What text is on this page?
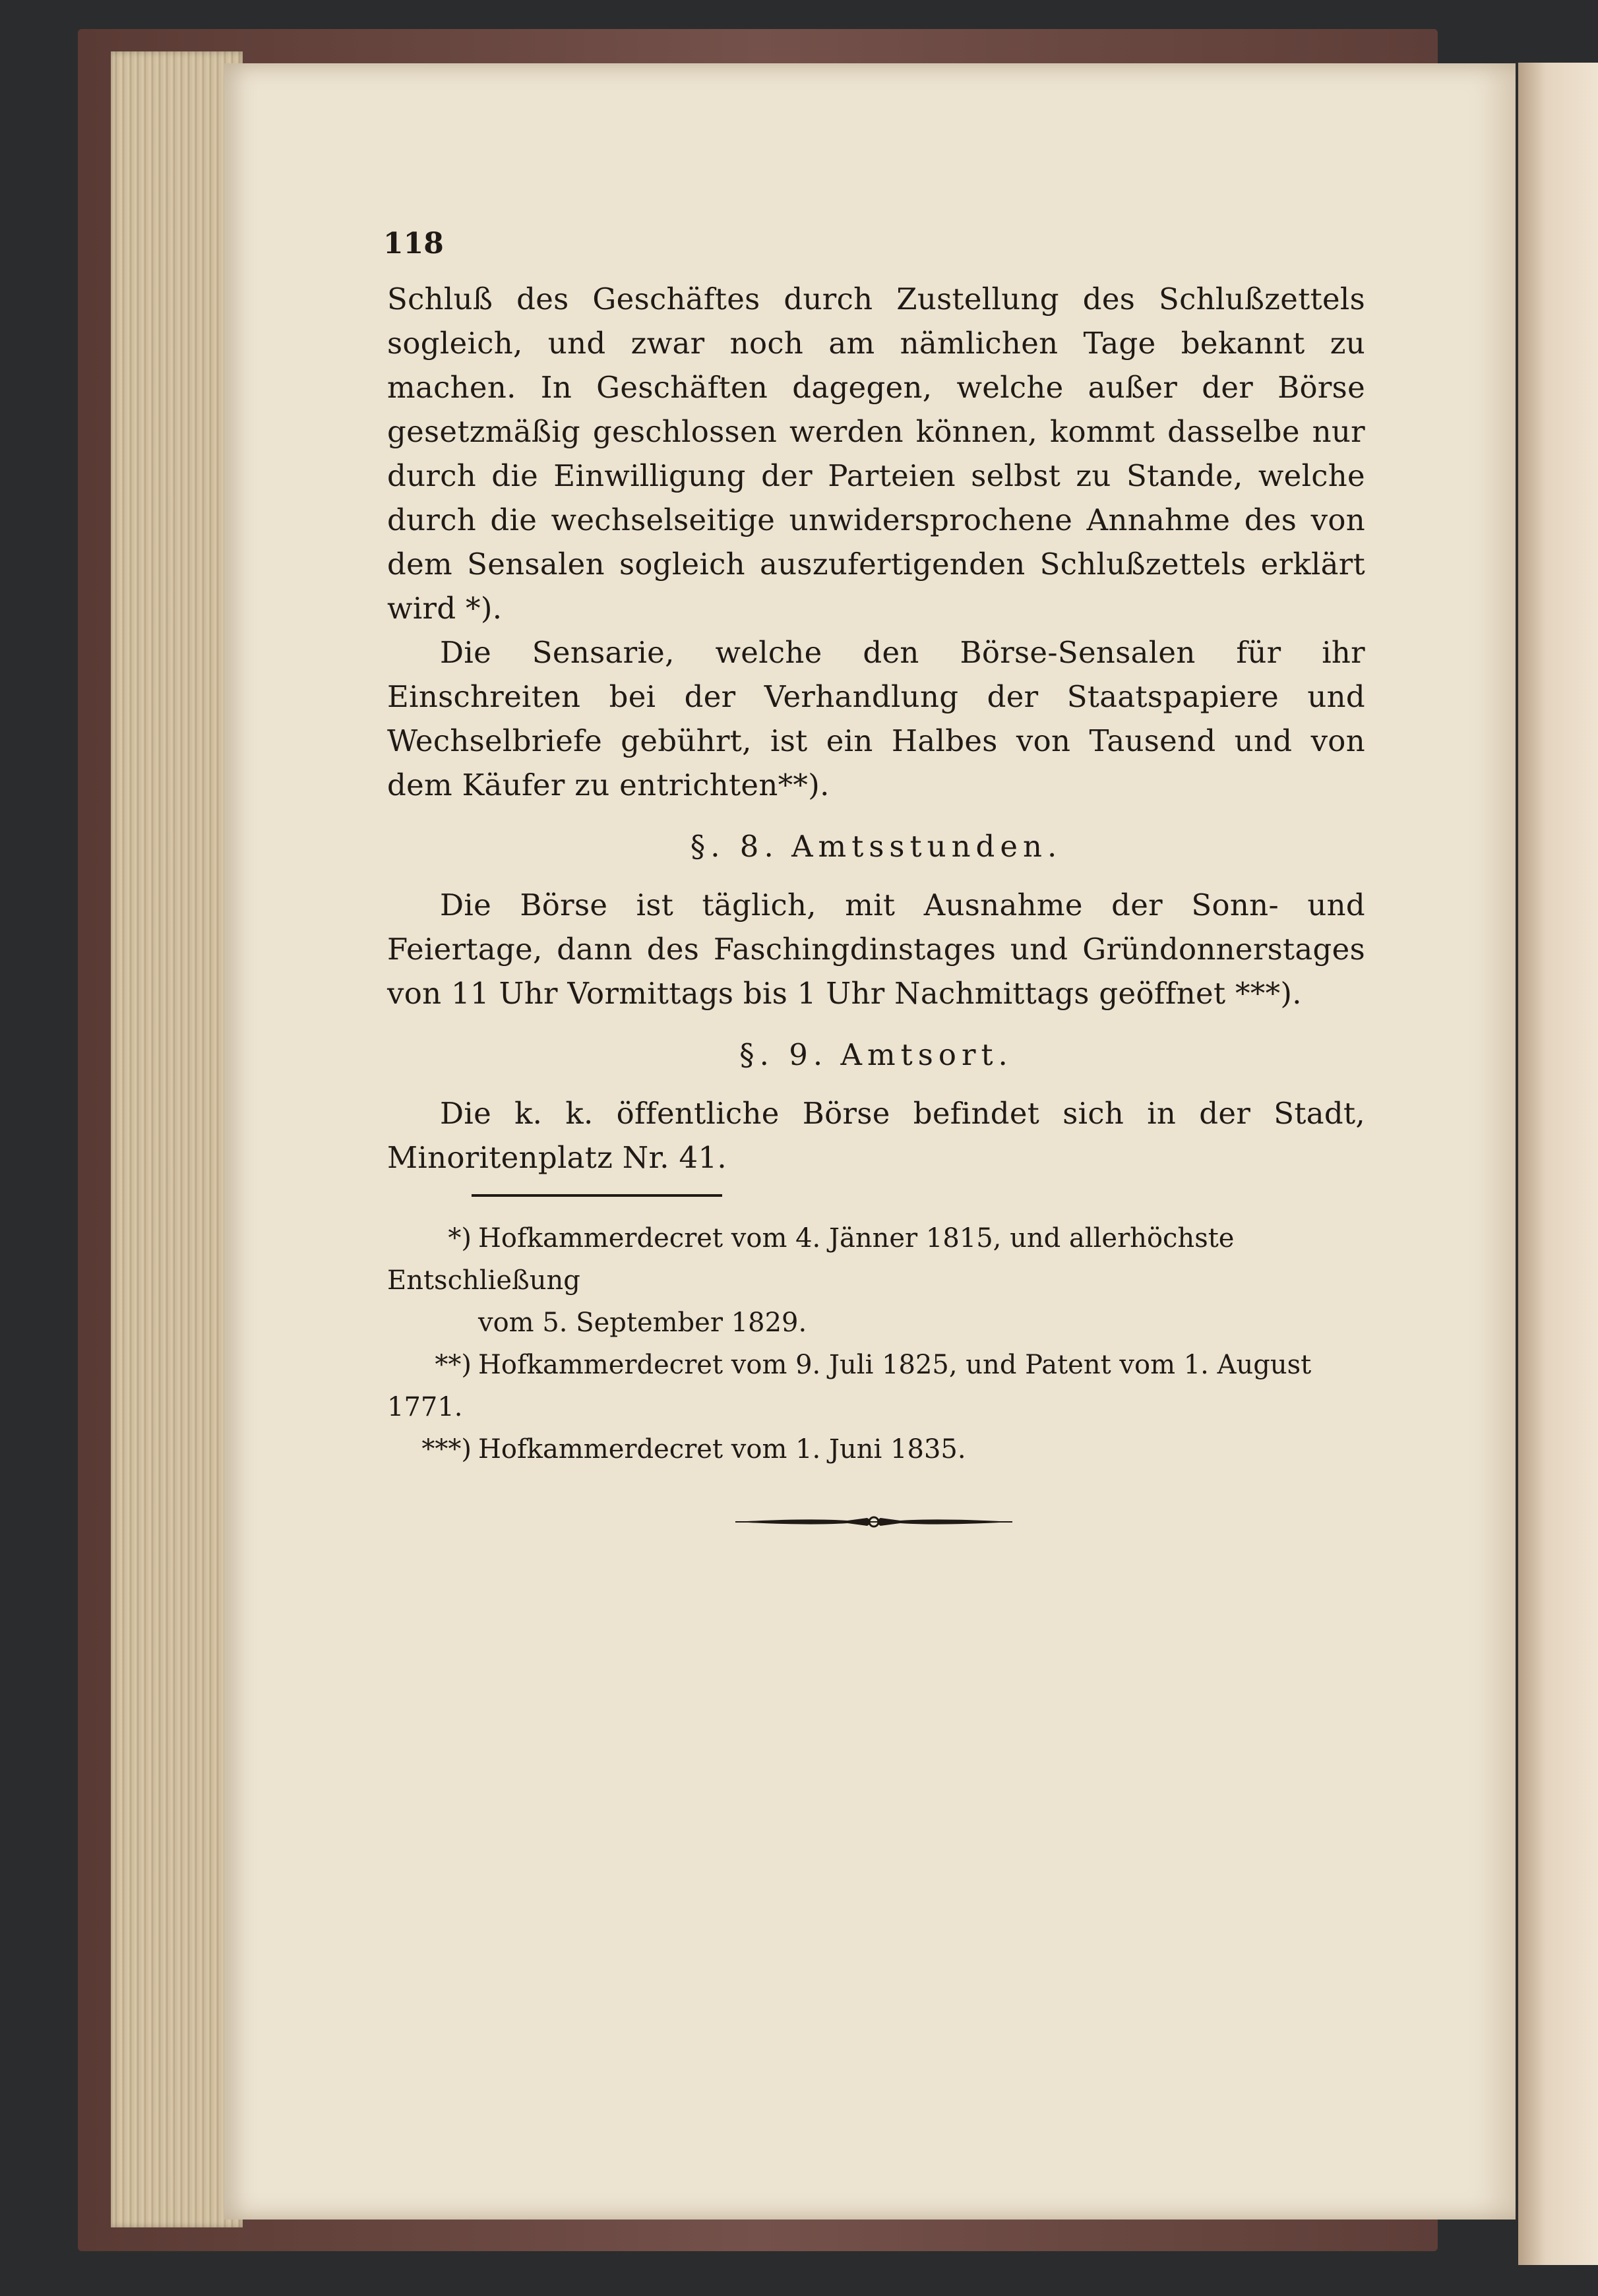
118

Schluß des Geschäftes durch Zustellung des Schlußzettels sogleich, und zwar noch am nämlichen Tage bekannt zu machen. In Geschäften dagegen, welche außer der Börse gesetzmäßig geschlossen werden können, kommt dasselbe nur durch die Einwilligung der Parteien selbst zu Stande, welche durch die wechselseitige unwidersprochene Annahme des von dem Sensalen sogleich auszufertigenden Schlußzettels erklärt wird *).

Die Sensarie, welche den Börse-Sensalen für ihr Einschreiten bei der Verhandlung der Staatspapiere und Wechselbriefe gebührt, ist ein Halbes von Tausend und von dem Käufer zu entrichten**).

§. 8. Amtsstunden.

Die Börse ist täglich, mit Ausnahme der Sonn- und Feiertage, dann des Faschingdinstages und Gründonnerstages von 11 Uhr Vormittags bis 1 Uhr Nachmittags geöffnet ***).

§. 9. Amtsort.

Die k. k. öffentliche Börse befindet sich in der Stadt, Minoritenplatz Nr. 41.

*) Hofkammerdecret vom 4. Jänner 1815, und allerhöchste Entschließung

vom 5. September 1829.

**) Hofkammerdecret vom 9. Juli 1825, und Patent vom 1. August 1771.

***) Hofkammerdecret vom 1. Juni 1835.
